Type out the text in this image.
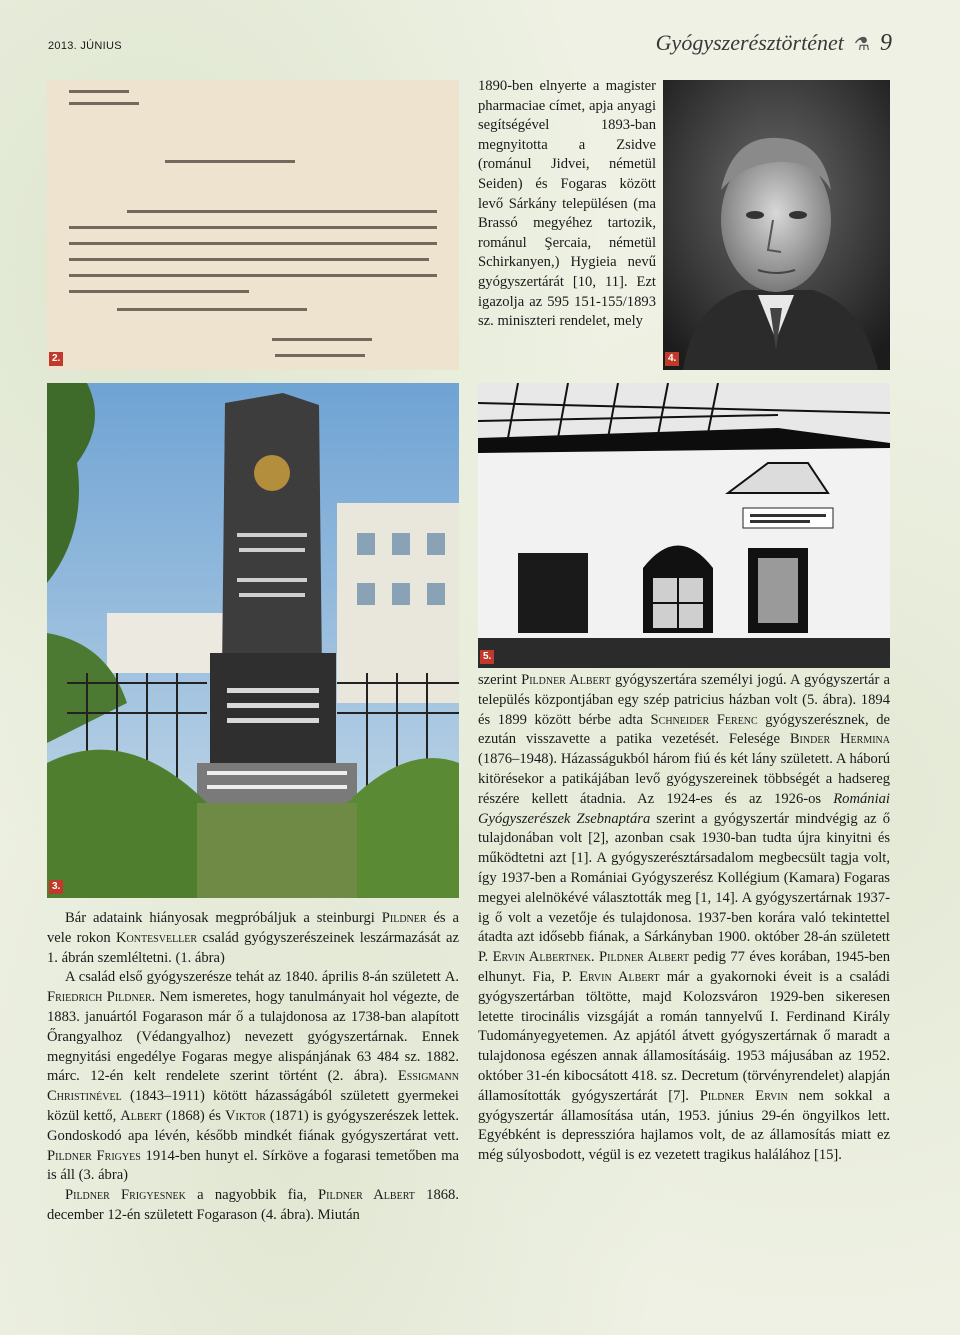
2013. JÚNIUS	Gyógyszerésztörténet ⚗ 9
2.
1890-ben elnyerte a magister pharmaciae címet, apja anyagi segítségével 1893-ban megnyitotta a Zsidve (románul Jidvei, németül Seiden) és Fogaras között levő Sárkány településen (ma Brassó megyéhez tartozik, románul Şercaia, németül Schirkanyen,) Hygieia nevű gyógyszertárát [10, 11]. Ezt igazolja az 595 151-155/1893 sz. miniszteri rendelet, mely
4.
3.
5.

Bár adataink hiányosak megpróbáljuk a steinburgi Pildner és a vele rokon Kontesveller család gyógyszerészeinek leszármazását az 1. ábrán szemléltetni. (1. ábra)

A család első gyógyszerésze tehát az 1840. április 8-án született A. Friedrich Pildner. Nem ismeretes, hogy tanulmányait hol végezte, de 1883. januártól Fogarason már ő a tulajdonosa az 1738-ban alapított Őrangyalhoz (Védangyalhoz) nevezett gyógyszertárnak. Ennek megnyitási engedélye Fogaras megye alispánjának 63 484 sz. 1882. márc. 12-én kelt rendelete szerint történt (2. ábra). Essigmann Christinével (1843–1911) kötött házasságából született gyermekei közül kettő, Albert (1868) és Viktor (1871) is gyógyszerészek lettek. Gondoskodó apa lévén, később mindkét fiának gyógyszertárat vett. Pildner Frigyes 1914-ben hunyt el. Sírköve a fogarasi temetőben ma is áll (3. ábra)

Pildner Frigyesnek a nagyobbik fia, Pildner Albert 1868. december 12-én született Fogarason (4. ábra). Miután

szerint Pildner Albert gyógyszertára személyi jogú. A gyógyszertár a település központjában egy szép patricius házban volt (5. ábra). 1894 és 1899 között bérbe adta Schneider Ferenc gyógyszerésznek, de ezután visszavette a patika vezetését. Felesége Binder Hermina (1876–1948). Házasságukból három fiú és két lány született. A háború kitörésekor a patikájában levő gyógyszereinek többségét a hadsereg részére kellett átadnia. Az 1924-es és az 1926-os Romániai Gyógyszerészek Zsebnaptára szerint a gyógyszertár mindvégig az ő tulajdonában volt [2], azonban csak 1930-ban tudta újra kinyitni és működtetni azt [1]. A gyógyszerésztársadalom megbecsült tagja volt, így 1937-ben a Romániai Gyógyszerész Kollégium (Kamara) Fogaras megyei alelnökévé választották meg [1, 14]. A gyógyszertárnak 1937-ig ő volt a vezetője és tulajdonosa. 1937-ben korára való tekintettel átadta azt idősebb fiának, a Sárkányban 1900. október 28-án született P. Ervin Albertnek. Pildner Albert pedig 77 éves korában, 1945-ben elhunyt. Fia, P. Ervin Albert már a gyakornoki éveit is a családi gyógyszertárban töltötte, majd Kolozsváron 1929-ben sikeresen letette tirocinális vizsgáját a román tannyelvű I. Ferdinand Király Tudományegyetemen. Az apjától átvett gyógyszertárnak ő maradt a tulajdonosa egészen annak államosításáig. 1953 májusában az 1952. október 31-én kibocsátott 418. sz. Decretum (törvényrendelet) alapján államosították gyógyszertárát [7]. Pildner Ervin nem sokkal a gyógyszertár államosítása után, 1953. június 29-én öngyilkos lett. Egyébként is depresszióra hajlamos volt, de az államosítás miatt ez még súlyosbodott, végül is ez vezetett tragikus halálához [15].
